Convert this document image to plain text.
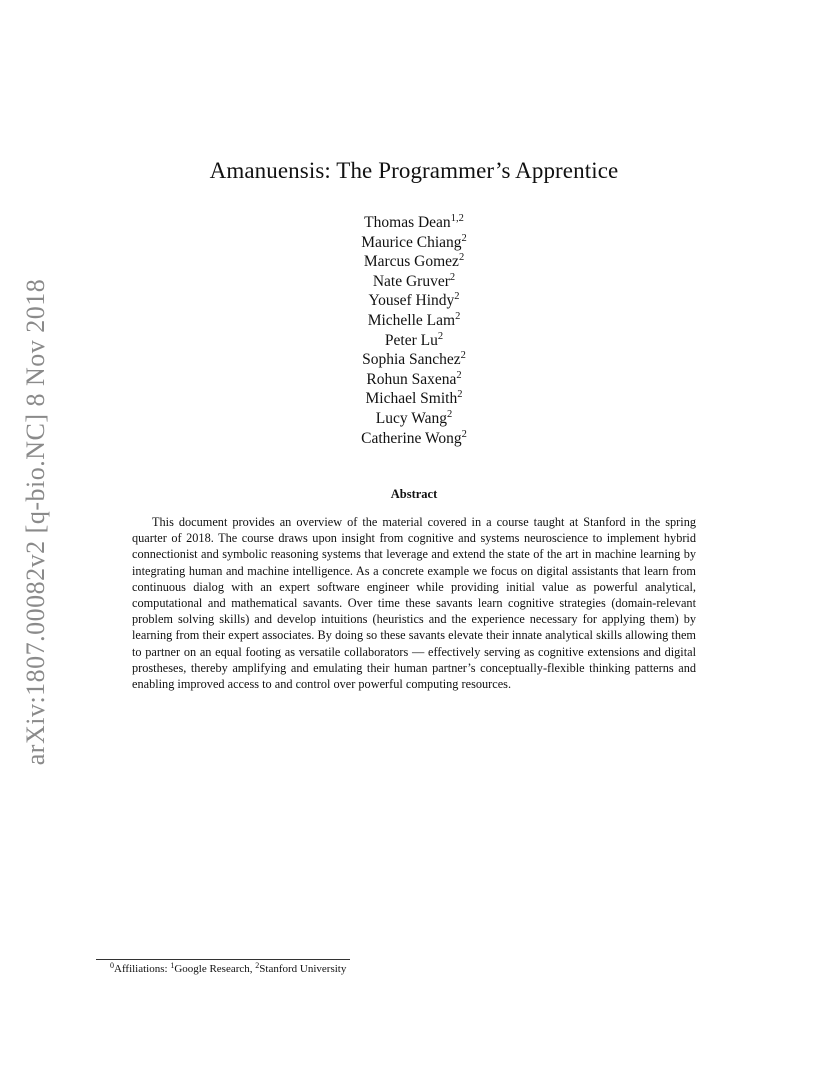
arXiv:1807.00082v2 [q-bio.NC] 8 Nov 2018
Amanuensis: The Programmer’s Apprentice
Thomas Dean$^{1,2}$
Maurice Chiang$^2$
Marcus Gomez$^2$
Nate Gruver$^2$
Yousef Hindy$^2$
Michelle Lam$^2$
Peter Lu$^2$
Sophia Sanchez$^2$
Rohun Saxena$^2$
Michael Smith$^2$
Lucy Wang$^2$
Catherine Wong$^2$
Abstract

This document provides an overview of the material covered in a course taught at Stanford in the spring quarter of 2018. The course draws upon insight from cognitive and systems neuroscience to implement hybrid connectionist and symbolic reasoning systems that leverage and extend the state of the art in machine learning by integrating human and machine intelligence. As a concrete example we focus on digital assistants that learn from continuous dialog with an expert software engineer while providing initial value as powerful analytical, computational and mathematical savants. Over time these savants learn cognitive strategies (domain-relevant problem solving skills) and develop intuitions (heuristics and the experience necessary for applying them) by learning from their expert associates. By doing so these savants elevate their innate analytical skills allowing them to partner on an equal footing as versatile collaborators — effectively serving as cognitive extensions and digital prostheses, thereby amplifying and emulating their human partner’s conceptually-flexible thinking patterns and enabling improved access to and control over powerful computing resources.

$^0$Affiliations: $^1$Google Research, $^2$Stanford University
